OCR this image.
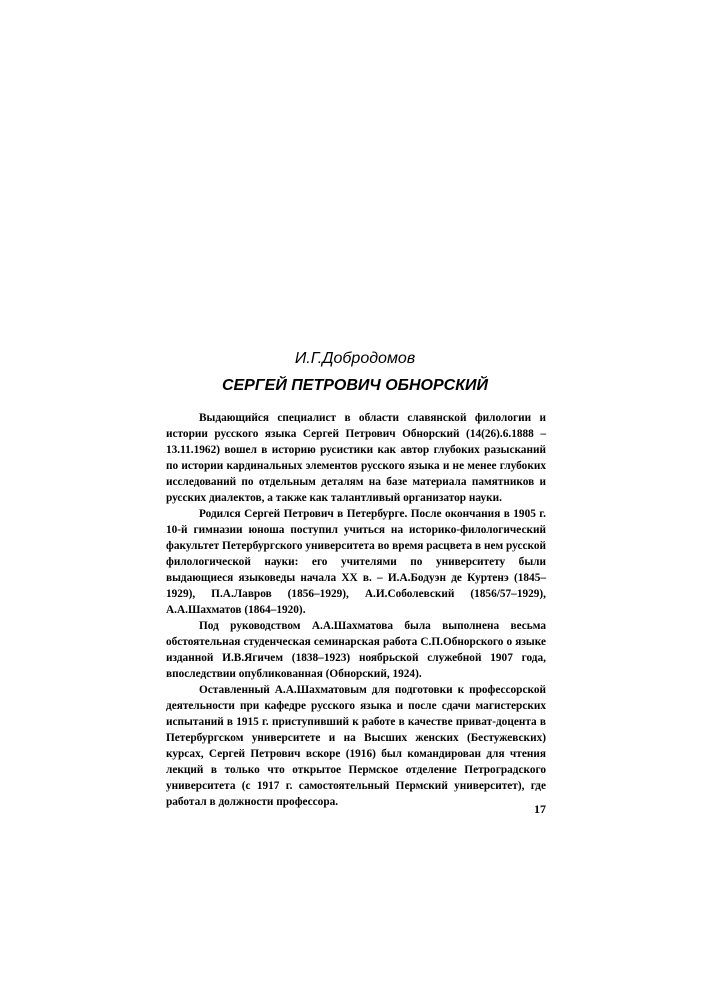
И.Г.Добродомов
СЕРГЕЙ ПЕТРОВИЧ ОБНОРСКИЙ

Выдающийся специалист в области славянской филологии и истории русского языка Сергей Петрович Обнорский (14(26).6.1888 – 13.11.1962) вошел в историю русистики как автор глубоких разысканий по истории кардинальных элементов русского языка и не менее глубоких исследований по отдельным деталям на базе материала памятников и русских диалектов, а также как талантливый организатор науки.

Родился Сергей Петрович в Петербурге. После окончания в 1905 г. 10-й гимназии юноша поступил учиться на историко-филологический факультет Петербургского университета во время расцвета в нем русской филологической науки: его учителями по университету были выдающиеся языковеды начала XX в. – И.А.Бодуэн де Куртенэ (1845–1929), П.А.Лавров (1856–1929), А.И.Соболевский (1856/57–1929), А.А.Шахматов (1864–1920).

Под руководством А.А.Шахматова была выполнена весьма обстоятельная студенческая семинарская работа С.П.Обнорского о языке изданной И.В.Ягичем (1838–1923) ноябрьской служебной 1907 года, впоследствии опубликованная (Обнорский, 1924).

Оставленный А.А.Шахматовым для подготовки к профессорской деятельности при кафедре русского языка и после сдачи магистерских испытаний в 1915 г. приступивший к работе в качестве приват-доцента в Петербургском университете и на Высших женских (Бестужевских) курсах, Сергей Петрович вскоре (1916) был командирован для чтения лекций в только что открытое Пермское отделение Петроградского университета (с 1917 г. самостоятельный Пермский университет), где работал в должности профессора.	17
